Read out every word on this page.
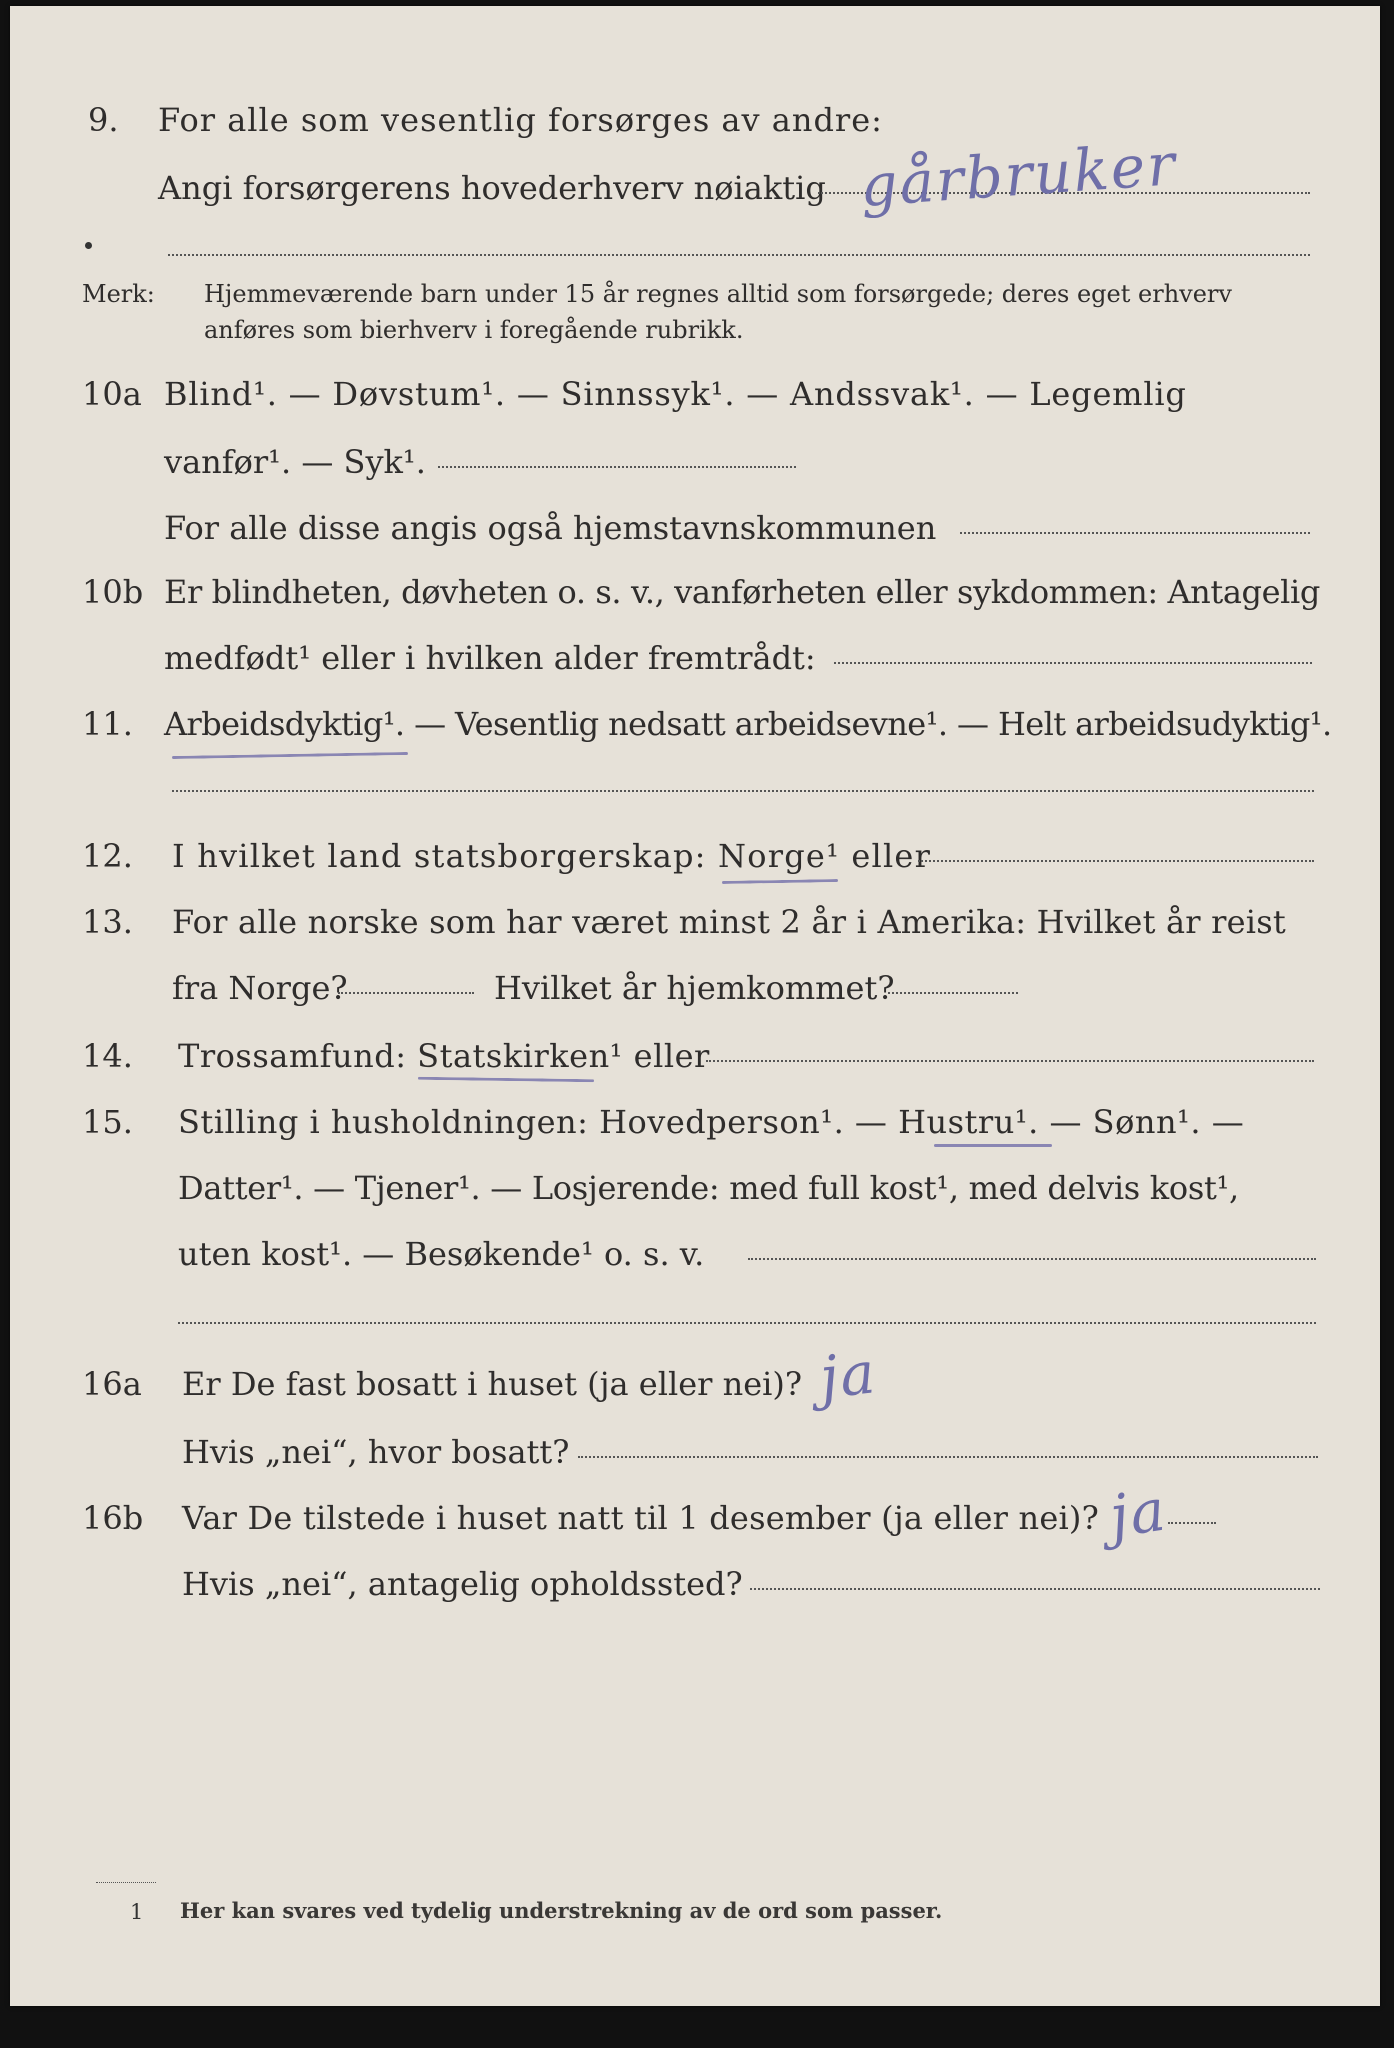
9. For alle som vesentlig forsørges av andre:
Angi forsørgerens hovederhverv nøiaktig gårbruker
Merk: Hjemmeværende barn under 15 år regnes alltid som forsørgede; deres eget erhverv
anføres som bierhverv i foregående rubrikk.
10a Blind¹. — Døvstum¹. — Sinnssyk¹. — Andssvak¹. — Legemlig
vanfør¹. — Syk¹.
For alle disse angis også hjemstavnskommunen
10b Er blindheten, døvheten o. s. v., vanførheten eller sykdommen: Antagelig
medfødt¹ eller i hvilken alder fremtrådt:
11. Arbeidsdyktig¹. — Vesentlig nedsatt arbeidsevne¹. — Helt arbeidsudyktig¹.
12. I hvilket land statsborgerskap: Norge¹ eller
13. For alle norske som har været minst 2 år i Amerika: Hvilket år reist
fra Norge?	Hvilket år hjemkommet?
14. Trossamfund: Statskirken¹ eller
15. Stilling i husholdningen: Hovedperson¹. — Hustru¹. — Sønn¹. —
Datter¹. — Tjener¹. — Losjerende: med full kost¹, med delvis kost¹,
uten kost¹. — Besøkende¹ o. s. v.
16a Er De fast bosatt i huset (ja eller nei)? ja
Hvis „nei“, hvor bosatt?
16b Var De tilstede i huset natt til 1 desember (ja eller nei)? ja
Hvis „nei“, antagelig opholdssted?
1 Her kan svares ved tydelig understrekning av de ord som passer.
